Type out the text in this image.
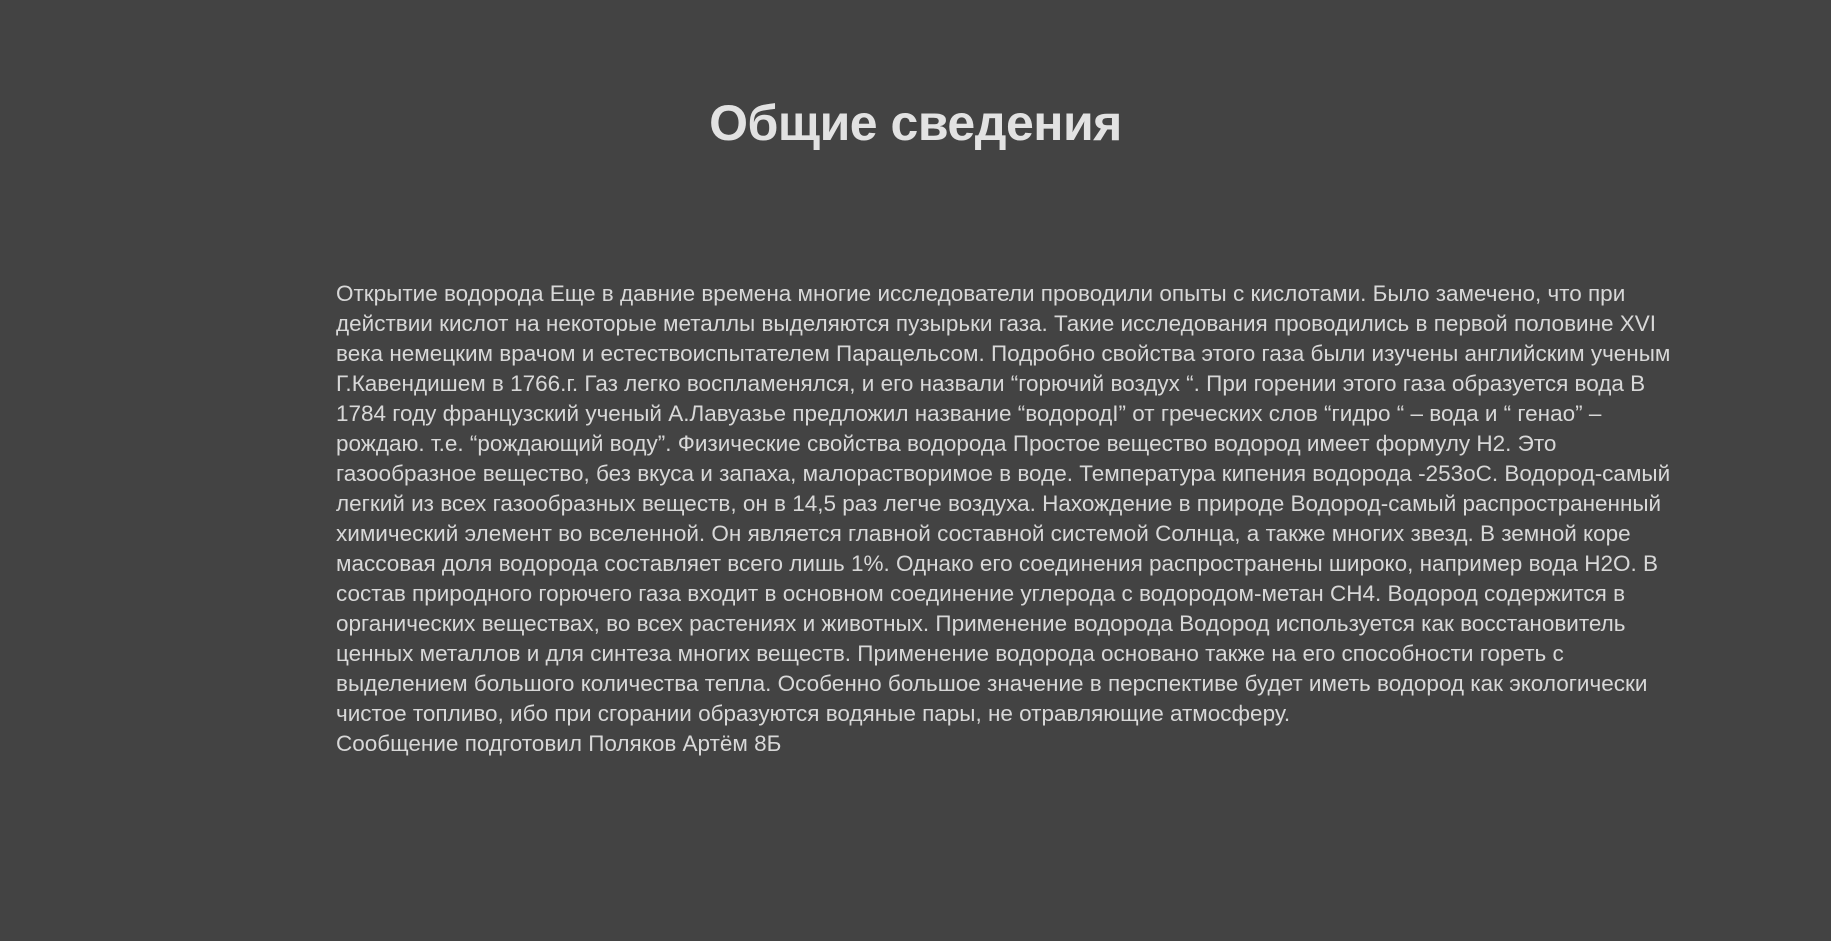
Общие сведения

Открытие водорода Еще в давние времена многие исследователи проводили опыты с кислотами. Было замечено, что при действии кислот на некоторые металлы выделяются пузырьки газа. Такие исследования проводились в первой половине XVI века немецким врачом и естествоиспытателем Парацельсом. Подробно свойства этого газа были изучены английским ученым Г.Кавендишем в 1766.г. Газ легко воспламенялся, и его назвали “горючий воздух “. При горении этого газа образуется вода В 1784 году французский ученый А.Лавуазье предложил название “водородI” от греческих слов “гидро “ – вода и “ генао” – рождаю. т.е. “рождающий воду”. Физические свойства водорода Простое вещество водород имеет формулу Н2. Это газообразное вещество, без вкуса и запаха, малорастворимое в воде. Температура кипения водорода -253оС. Водород-самый легкий из всех газообразных веществ, он в 14,5 раз легче воздуха. Нахождение в природе Водород-самый распространенный химический элемент во вселенной. Он является главной составной системой Солнца, а также многих звезд. В земной коре массовая доля водорода составляет всего лишь 1%. Однако его соединения распространены широко, например вода Н2О. В состав природного горючего газа входит в основном соединение углерода с водородом-метан СН4. Водород содержится в органических веществах, во всех растениях и животных. Применение водорода Водород используется как восстановитель ценных металлов и для синтеза многих веществ. Применение водорода основано также на его способности гореть с выделением большого количества тепла. Особенно большое значение в перспективе будет иметь водород как экологически чистое топливо, ибо при сгорании образуются водяные пары, не отравляющие атмосферу.

Сообщение подготовил Поляков Артём 8Б
